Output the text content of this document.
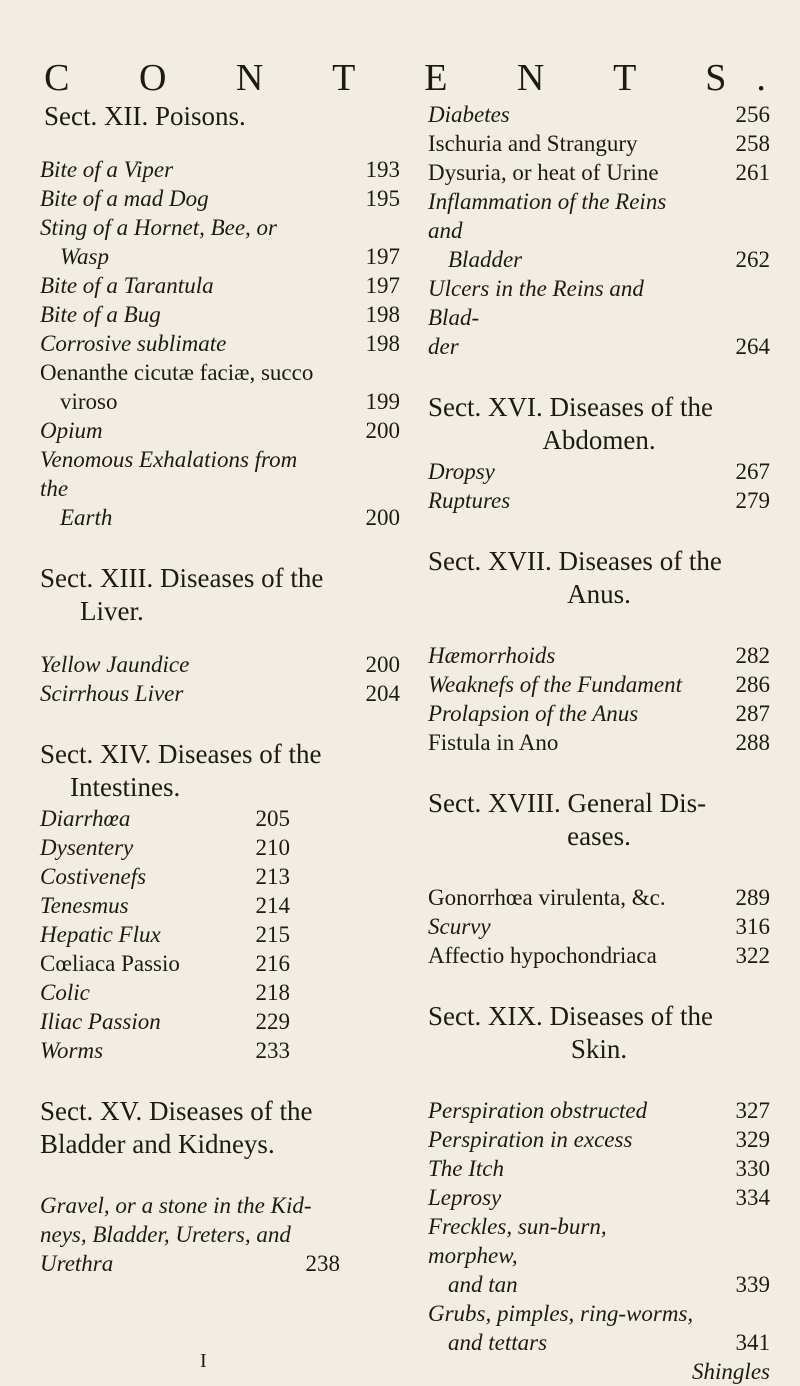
C O N T E N T S.
Sect. XII. Poisons.
Bite of a Viper	193
Bite of a mad Dog	195
Sting of a Hornet, Bee, or
Wasp	197
Bite of a Tarantula	197
Bite of a Bug	198
Corrosive sublimate	198
Oenanthe cicutæ faciæ, succo
viroso	199
Opium	200
Venomous Exhalations from the
Earth	200
Sect. XIII. Diseases of the
Liver.
Yellow Jaundice	200
Scirrhous Liver	204
Sect. XIV. Diseases of the
Intestines.
Diarrhœa	205
Dysentery	210
Costivenefs	213
Tenesmus	214
Hepatic Flux	215
Cœliaca Passio	216
Colic	218
Iliac Passion	229
Worms	233
Sect. XV. Diseases of the
Bladder and Kidneys.
Gravel, or a stone in the Kid-
neys, Bladder, Ureters, and
Urethra	238
I
Diabetes	256
Ischuria and Strangury	258
Dysuria, or heat of Urine	261
Inflammation of the Reins and
Bladder	262
Ulcers in the Reins and Blad-
der	264
Sect. XVI. Diseases of the
Abdomen.
Dropsy	267
Ruptures	279
Sect. XVII. Diseases of the
Anus.
Hæmorrhoids	282
Weaknefs of the Fundament	286
Prolapsion of the Anus	287
Fistula in Ano	288
Sect. XVIII. General Dis-
eases.
Gonorrhœa virulenta, &c.	289
Scurvy	316
Affectio hypochondriaca	322
Sect. XIX. Diseases of the
Skin.
Perspiration obstructed	327
Perspiration in excess	329
The Itch	330
Leprosy	334
Freckles, sun-burn, morphew,
and tan	339
Grubs, pimples, ring-worms,
and tettars	341
Shingles
